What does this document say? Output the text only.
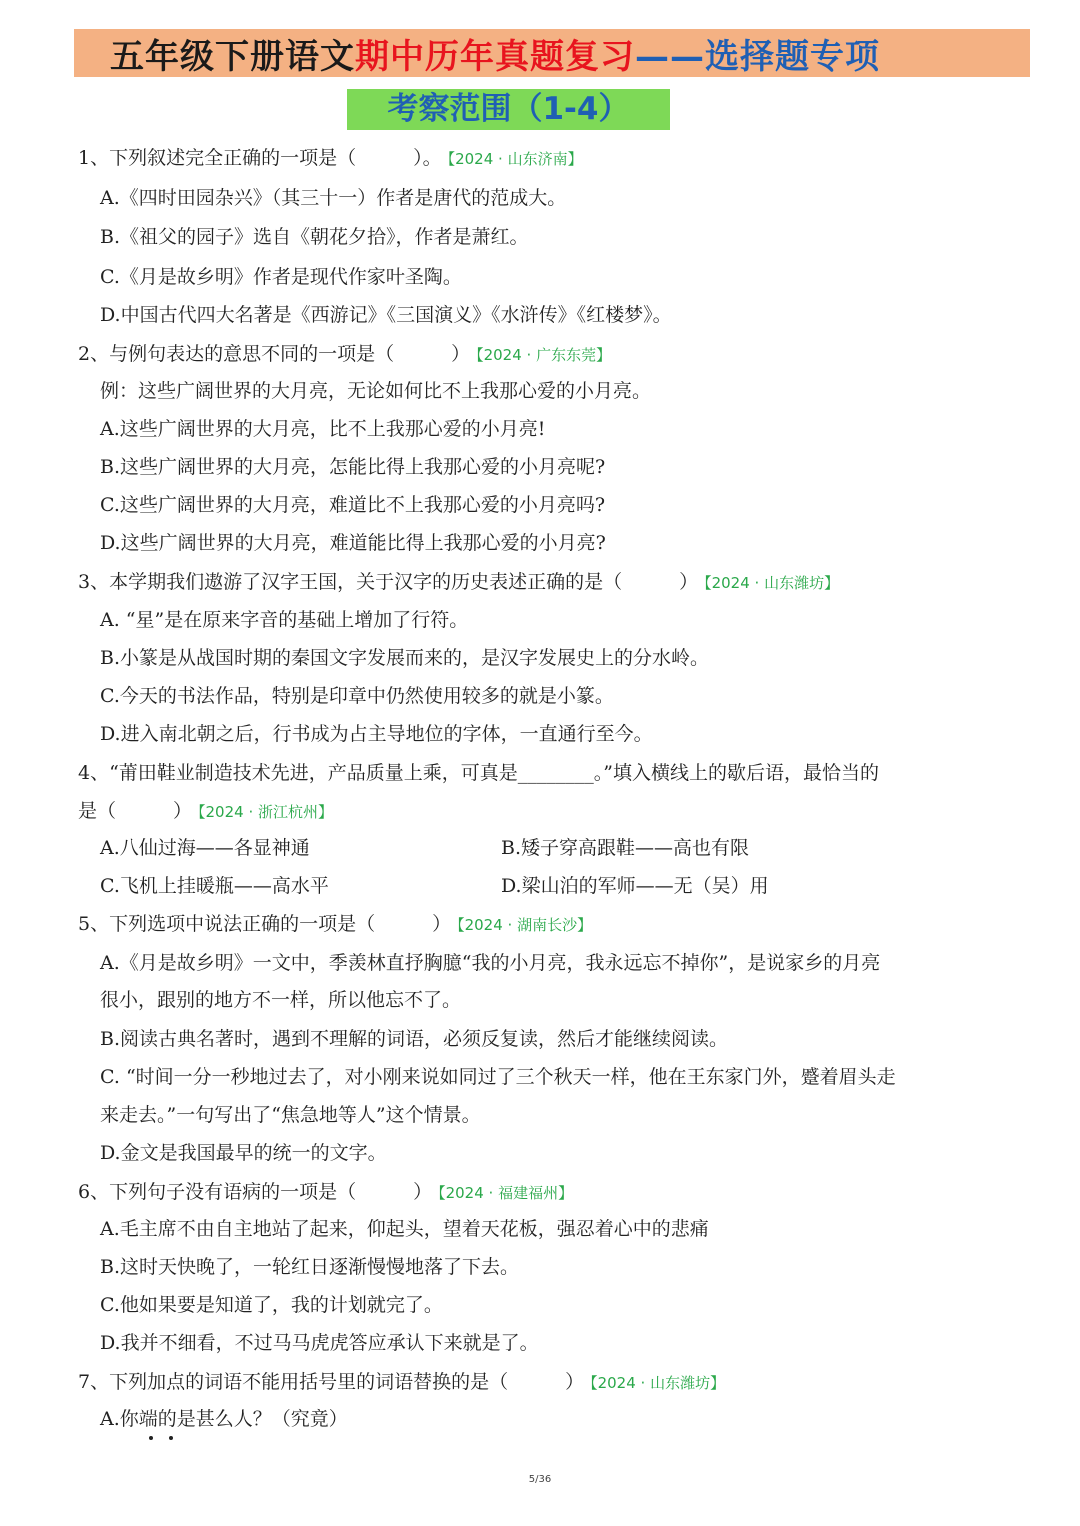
五年级下册语文期中历年真题复习——选择题专项
考察范围（1-4）
1、下列叙述完全正确的一项是（　　　）。 【2024 · 山东济南】
A.《四时田园杂兴》（其三十一）作者是唐代的范成大。
B.《祖父的园子》选自《朝花夕拾》，作者是萧红。
C.《月是故乡明》作者是现代作家叶圣陶。
D.中国古代四大名著是《西游记》《三国演义》《水浒传》《红楼梦》。
2、与例句表达的意思不同的一项是（　　　） 【2024 · 广东东莞】
例：这些广阔世界的大月亮，无论如何比不上我那心爱的小月亮。
A.这些广阔世界的大月亮，比不上我那心爱的小月亮!
B.这些广阔世界的大月亮，怎能比得上我那心爱的小月亮呢?
C.这些广阔世界的大月亮，难道比不上我那心爱的小月亮吗?
D.这些广阔世界的大月亮，难道能比得上我那心爱的小月亮?
3、本学期我们遨游了汉字王国，关于汉字的历史表述正确的是（　　　） 【2024 · 山东潍坊】
A. “星”是在原来字音的基础上增加了行符。
B.小篆是从战国时期的秦国文字发展而来的，是汉字发展史上的分水岭。
C.今天的书法作品，特别是印章中仍然使用较多的就是小篆。
D.进入南北朝之后，行书成为占主导地位的字体，一直通行至今。
4、“莆田鞋业制造技术先进，产品质量上乘，可真是________。”填入横线上的歇后语，最恰当的
是（　　　） 【2024 · 浙江杭州】
A.八仙过海——各显神通	B.矮子穿高跟鞋——高也有限
C.飞机上挂暖瓶——高水平	D.梁山泊的军师——无（吴）用
5、下列选项中说法正确的一项是（　　　） 【2024 · 湖南长沙】
A.《月是故乡明》一文中，季羡林直抒胸臆“我的小月亮，我永远忘不掉你”，是说家乡的月亮
很小，跟别的地方不一样，所以他忘不了。
B.阅读古典名著时，遇到不理解的词语，必须反复读，然后才能继续阅读。
C. “时间一分一秒地过去了，对小刚来说如同过了三个秋天一样，他在王东家门外，蹙着眉头走
来走去。”一句写出了“焦急地等人”这个情景。
D.金文是我国最早的统一的文字。
6、下列句子没有语病的一项是（　　　） 【2024 · 福建福州】
A.毛主席不由自主地站了起来，仰起头，望着天花板，强忍着心中的悲痛
B.这时天快晚了，一轮红日逐渐慢慢地落了下去。
C.他如果要是知道了，我的计划就完了。
D.我并不细看，不过马马虎虎答应承认下来就是了。
7、下列加点的词语不能用括号里的词语替换的是（　　　） 【2024 · 山东潍坊】
A.你端的是甚么人？（究竟）
5/36
